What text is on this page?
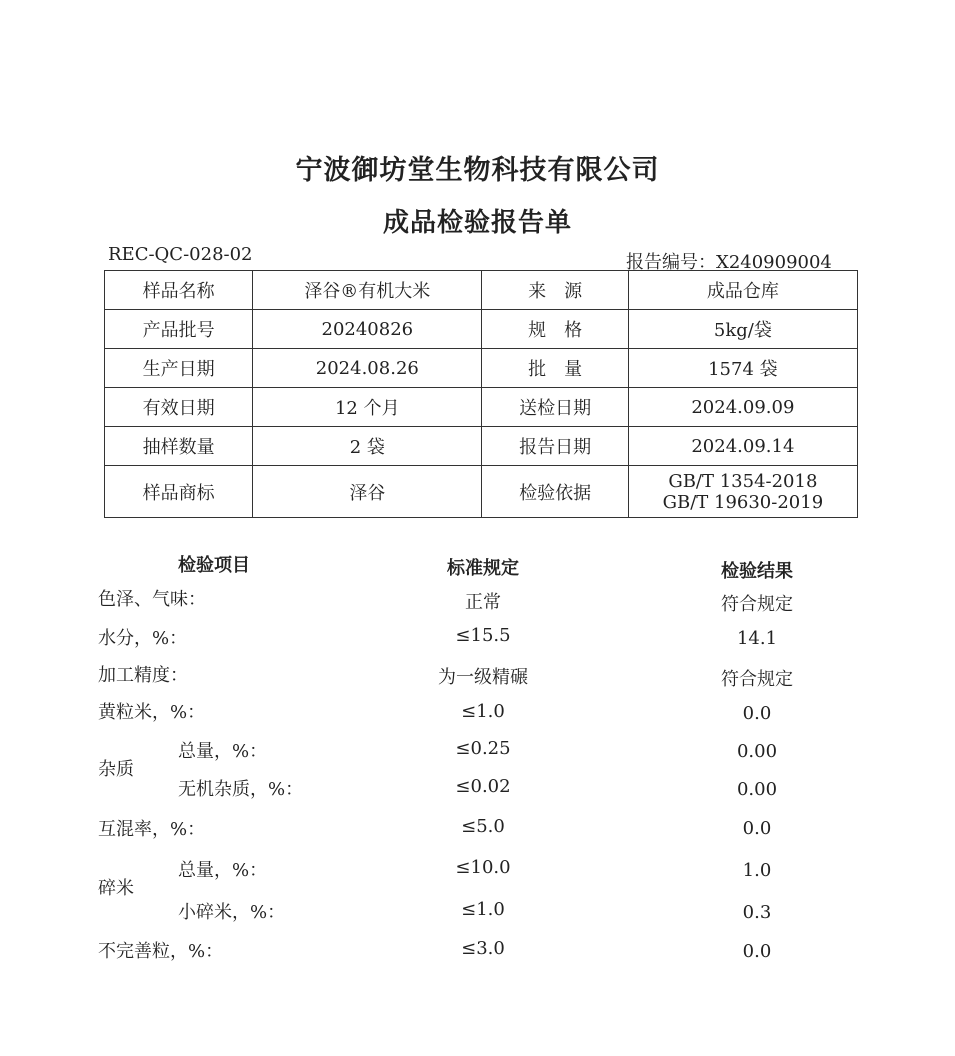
宁波御坊堂生物科技有限公司
成品检验报告单
REC-QC-028-02	报告编号：X240909004
样品名称	泽谷®有机大米	来　源	成品仓库
产品批号	20240826	规　格	5kg/袋
生产日期	2024.08.26	批　量	1574 袋
有效日期	12 个月	送检日期	2024.09.09
抽样数量	2 袋	报告日期	2024.09.14
样品商标	泽谷	检验依据	GB/T 1354-2018
GB/T 19630-2019
检验项目	标准规定	检验结果
色泽、气味：	正常	符合规定
水分，%：	≤15.5	14.1
加工精度：	为一级精碾	符合规定
黄粒米，%：	≤1.0	0.0
杂质
总量，%：	≤0.25	0.00
无机杂质，%：	≤0.02	0.00
互混率，%：	≤5.0	0.0
碎米
总量，%：	≤10.0	1.0
小碎米，%：	≤1.0	0.3
不完善粒，%：	≤3.0	0.0
